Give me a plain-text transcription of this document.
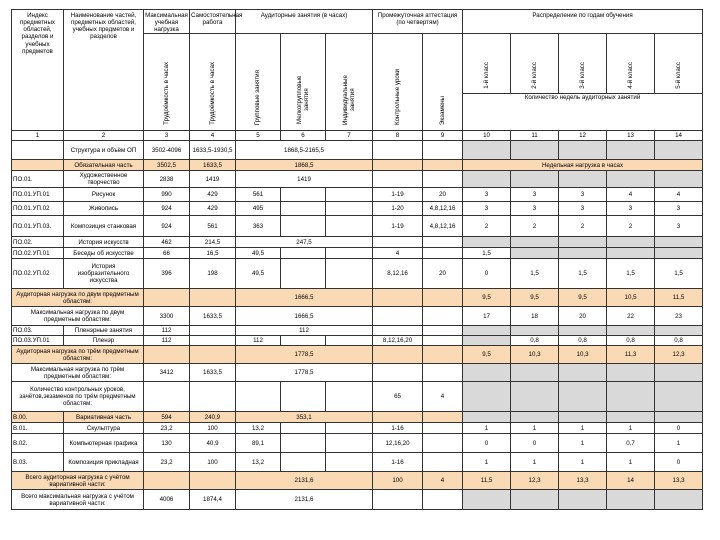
Индекс предметных областей, разделов и учебных предметов	Наименование частей, предметных областей, учебных предметов и разделов	Максимальная учебная нагрузка	Самостоятельная работа	Аудиторные занятия (в часах)			Промежуточная аттестация (по четвертям)		Распределение по годам обучения				
		Трудоёмкость в часах	Трудоёмкость в часах	Групповые занятия	Мелкогрупповые занятия	Индивидуальные занятия	Контрольные уроки	Экзамены	1-й класс	2-й класс	3-й класс	4-й класс	5-й класс
									Количество недель аудиторных занятий				
1	2	3	4	5	6	7	8	9	10	11	12	13	14
	Структура и объём ОП	3502-4096	1633,5-1930,5	1868,5-2165,5									
	Обязательная часть	3502,5	1633,5	1868,5					Недельная нагрузка в часах				
ПО.01.	Художественное творчество	2838	1419	1419									
ПО.01.УП.01	Рисунок	990	429	561			1-19	20	3	3	3	4	4
ПО.01.УП.02	Живопись	924	429	495			1-20	4,8,12,16	3	3	3	3	3
ПО.01.УП.03.	Композиция станковая	924	561	363			1-19	4,8,12,16	2	2	2	2	3
ПО.02.	История искусств	462	214,5	247,5									
ПО.02.УП.01	Беседы об искусстве	66	16,5	49,5			4		1,5				
ПО.02.УП.02	История изобразительного искусства	396	198	49,5			8,12,16	20	0	1,5	1,5	1,5	1,5
Аудиторная нагрузка по двум предметным областям:				1666,5					9,5	9,5	9,5	10,5	11,5
Максимальная нагрузка по двум предметным областям:		3300	1633,5	1666,5					17	18	20	22	23
ПО.03.	Пленэрные занятия	112		112									
ПО.03.УП.01	Пленэр	112		112			8,12,16,20			0,8	0,8	0,8	0,8
Аудиторная нагрузка по трём предметным областям:				1778,5					9,5	10,3	10,3	11,3	12,3
Максимальная нагрузка по трём предметным областям:		3412	1633,5	1778,5									
Количество контрольных уроков, зачётов,экзаменов по трём предметным областям:							65	4					
В.00.	Вариативная часть	594	240,9	353,1									
В.01.	Скульптура	23,2	100	13,2			1-16		1	1	1	1	0
В.02.	Компьютерная графика	130	40,9	89,1			12,16,20		0	0	1	0,7	1
В.03.	Композиция прикладная	23,2	100	13,2			1-16		1	1	1	1	0
Всего аудиторная нагрузка с учётом вариативной части:				2131,6			100	4	11,5	12,3	13,3	14	13,3
Всего максимальная нагрузка с учётом вариативной части:		4006	1874,4	2131,6									
